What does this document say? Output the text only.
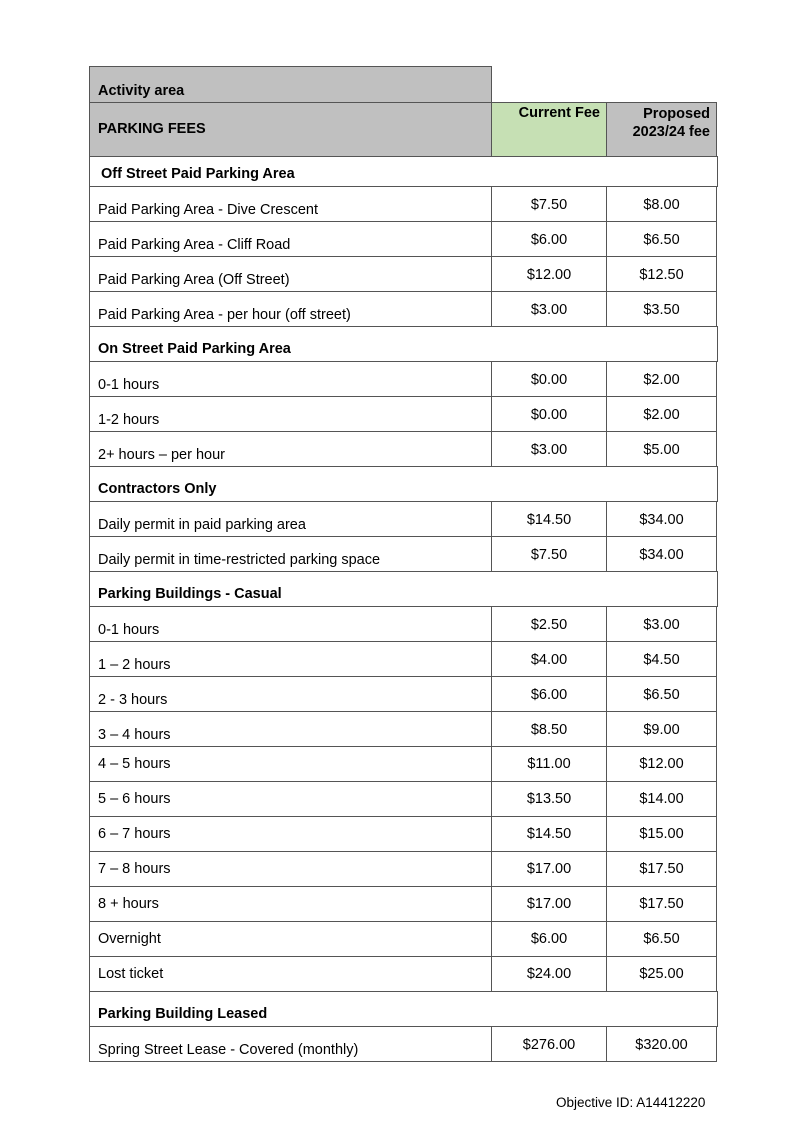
Activity area
PARKING FEES
Current Fee	Proposed 2023/24 fee
Off Street Paid Parking Area
Paid Parking Area - Dive Crescent	$7.50	$8.00
Paid Parking Area - Cliff Road	$6.00	$6.50
Paid Parking Area (Off Street)	$12.00	$12.50
Paid Parking Area - per hour (off street)	$3.00	$3.50
On Street Paid Parking Area
0-1 hours	$0.00	$2.00
1-2 hours	$0.00	$2.00
2+ hours – per hour	$3.00	$5.00
Contractors Only
Daily permit in paid parking area	$14.50	$34.00
Daily permit in time-restricted parking space	$7.50	$34.00
Parking Buildings - Casual
0-1 hours	$2.50	$3.00
1 – 2 hours	$4.00	$4.50
2 - 3 hours	$6.00	$6.50
3 – 4 hours	$8.50	$9.00
4 – 5 hours	$11.00	$12.00
5 – 6 hours	$13.50	$14.00
6 – 7 hours	$14.50	$15.00
7 – 8 hours	$17.00	$17.50
8 + hours	$17.00	$17.50
Overnight	$6.00	$6.50
Lost ticket	$24.00	$25.00
Parking Building Leased
Spring Street Lease - Covered (monthly)	$276.00	$320.00
Objective ID: A14412220
